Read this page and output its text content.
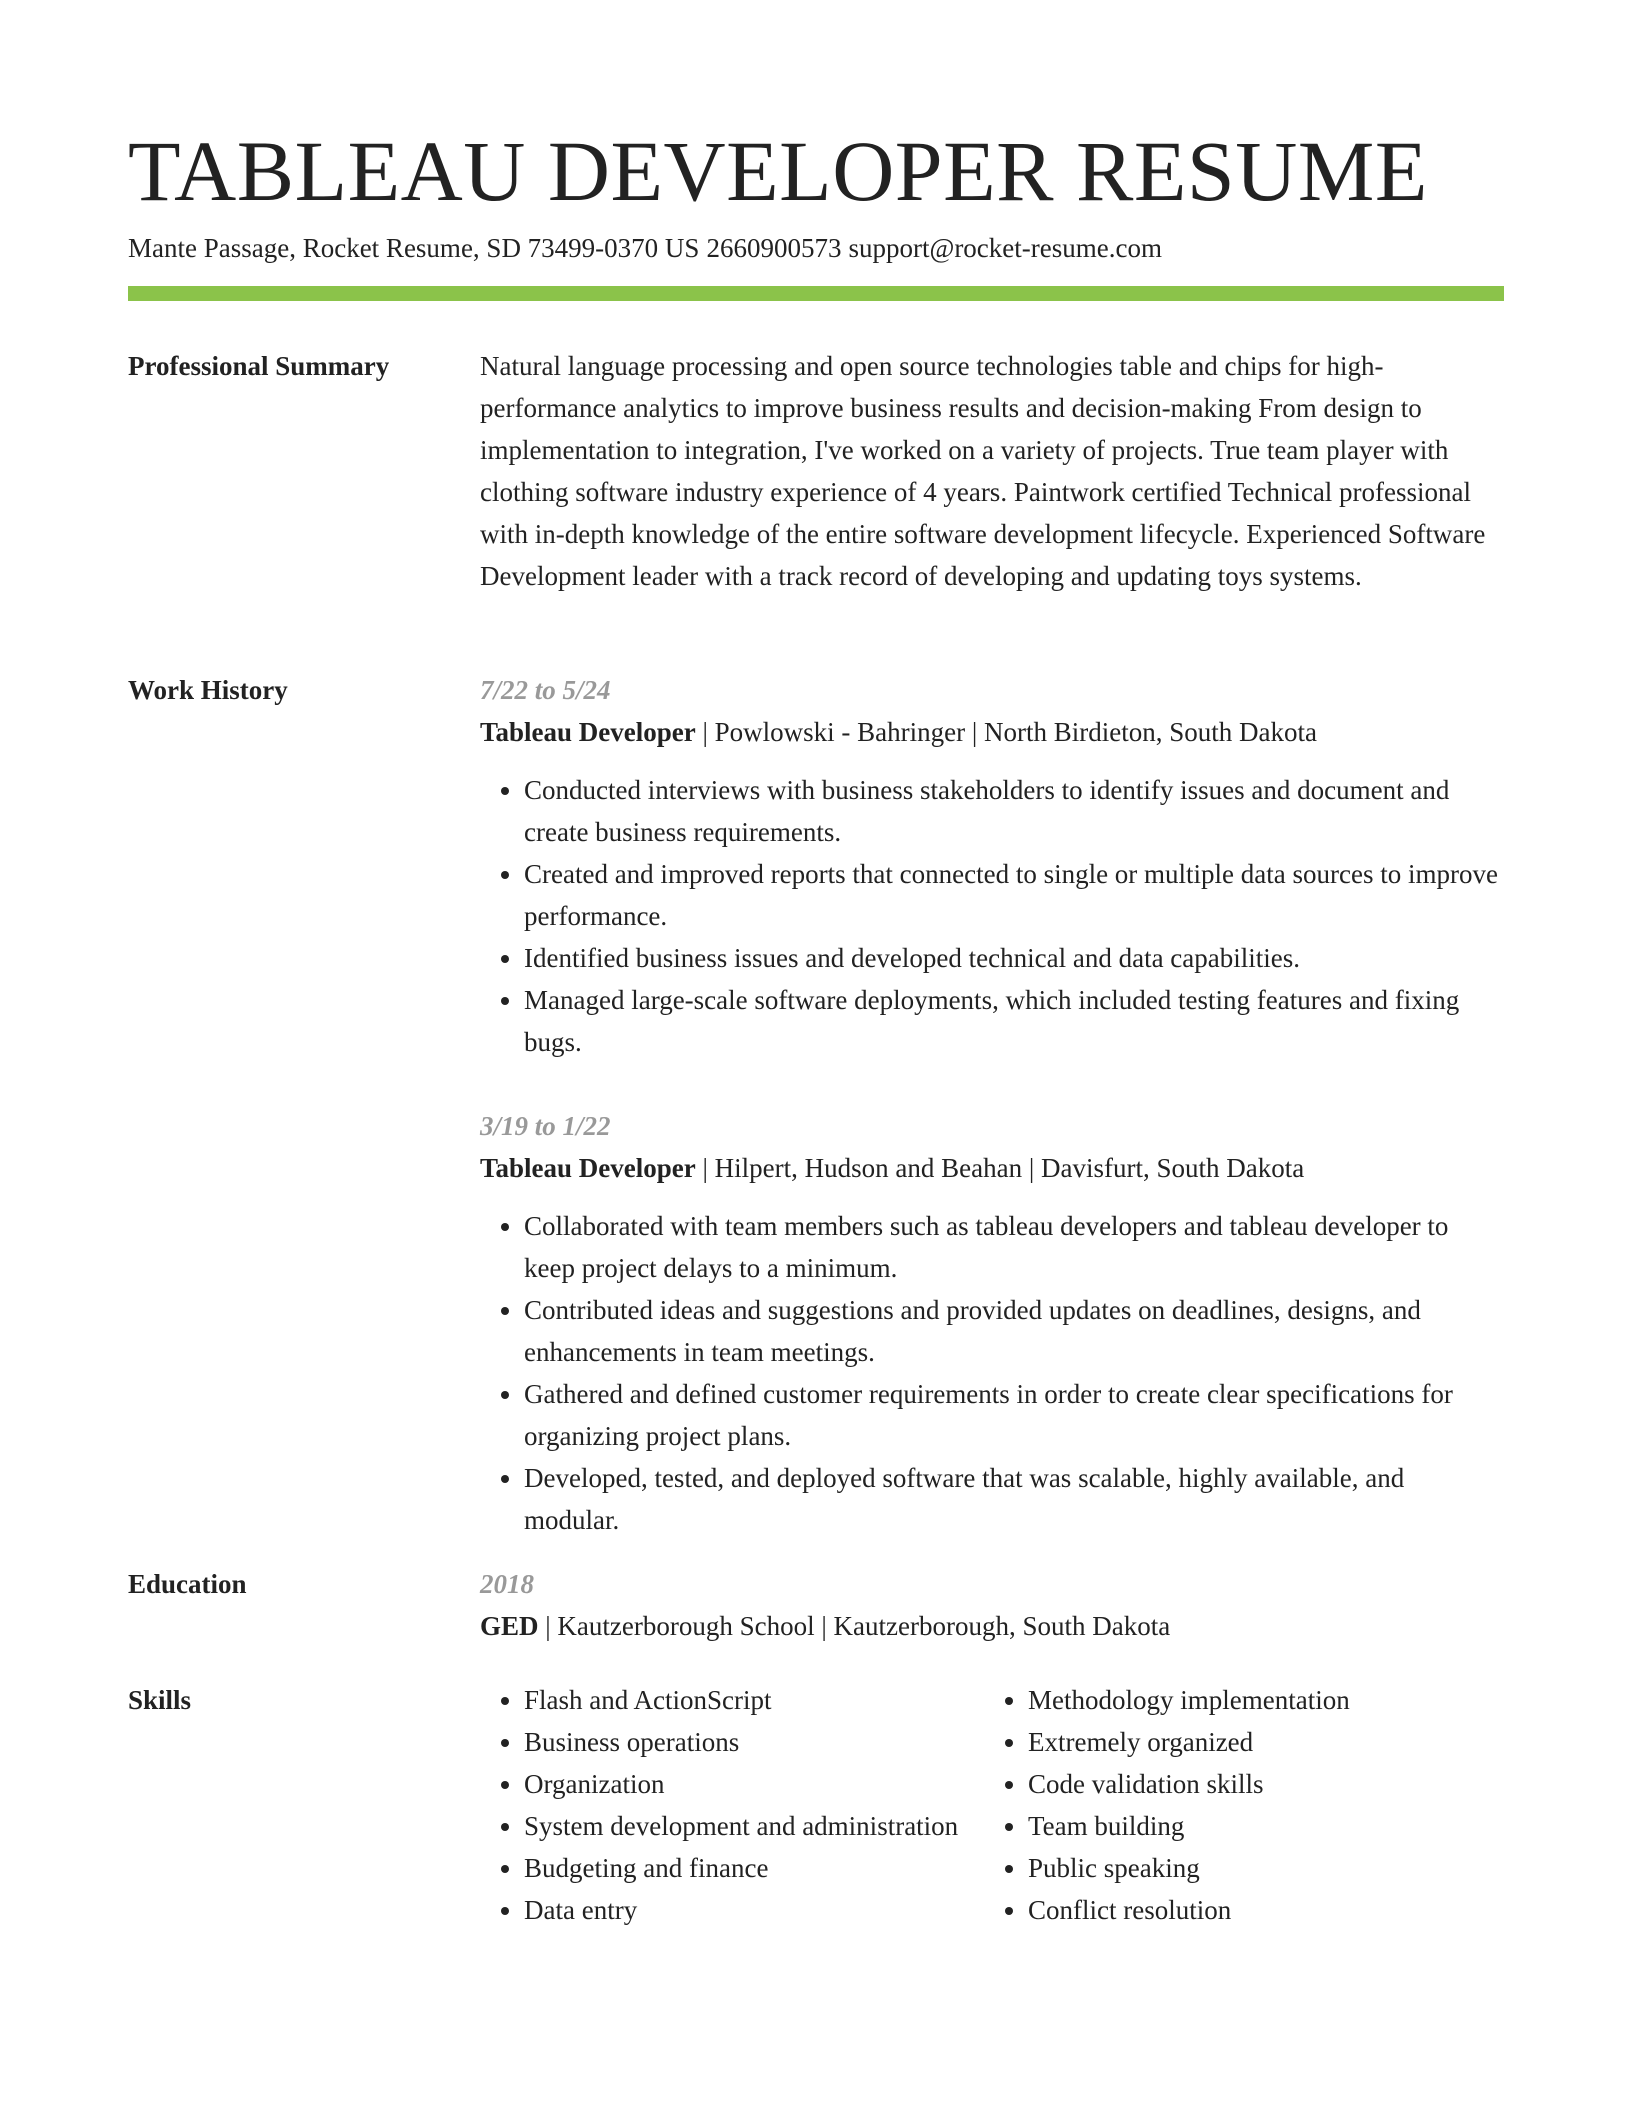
TABLEAU DEVELOPER RESUME
Mante Passage, Rocket Resume, SD 73499-0370 US 2660900573 support@rocket-resume.com
Professional Summary	Natural language processing and open source technologies table and chips for high-performance analytics to improve business results and decision-making From design to implementation to integration, I've worked on a variety of projects. True team player with clothing software industry experience of 4 years. Paintwork certified Technical professional with in-depth knowledge of the entire software development lifecycle. Experienced Software Development leader with a track record of developing and updating toys systems.

Work History	7/22 to 5/24
Tableau Developer | Powlowski - Bahringer | North Birdieton, South Dakota
• Conducted interviews with business stakeholders to identify issues and document and create business requirements.
• Created and improved reports that connected to single or multiple data sources to improve performance.
• Identified business issues and developed technical and data capabilities.
• Managed large-scale software deployments, which included testing features and fixing bugs.
3/19 to 1/22
Tableau Developer | Hilpert, Hudson and Beahan | Davisfurt, South Dakota
• Collaborated with team members such as tableau developers and tableau developer to keep project delays to a minimum.
• Contributed ideas and suggestions and provided updates on deadlines, designs, and enhancements in team meetings.
• Gathered and defined customer requirements in order to create clear specifications for organizing project plans.
• Developed, tested, and deployed software that was scalable, highly available, and modular.
Education	2018
GED | Kautzerborough School | Kautzerborough, South Dakota
Skills
•	Flash and ActionScript
• Business operations
• Organization
• System development and administration
• Budgeting and finance
• Data entry
• Methodology implementation
• Extremely organized
• Code validation skills
• Team building
• Public speaking
• Conflict resolution
